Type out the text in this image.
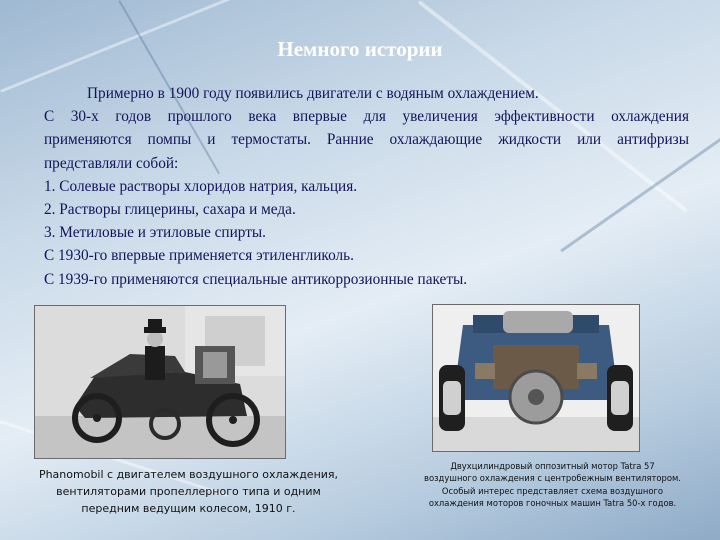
Немного истории

Примерно в 1900 году появились двигатели с водяным охлаждением.

С 30-х годов прошлого века впервые для увеличения эффективности охлаждения

применяются помпы и термостаты. Ранние охлаждающие жидкости или антифризы

представляли собой:

1. Солевые растворы хлоридов натрия, кальция.

2. Растворы глицерины, сахара и меда.

3. Метиловые и этиловые спирты.

С 1930-го впервые применяется этиленгликоль.

С 1939-го применяются специальные антикоррозионные пакеты.

Phanomobil с двигателем воздушного охлаждения,
вентиляторами пропеллерного типа и одним
передним ведущим колесом, 1910 г.
Двухцилиндровый оппозитный мотор Tatra 57
воздушного охлаждения с центробежным вентилятором.
Особый интерес представляет схема воздушного
охлаждения моторов гоночных машин Tatra 50-х годов.
